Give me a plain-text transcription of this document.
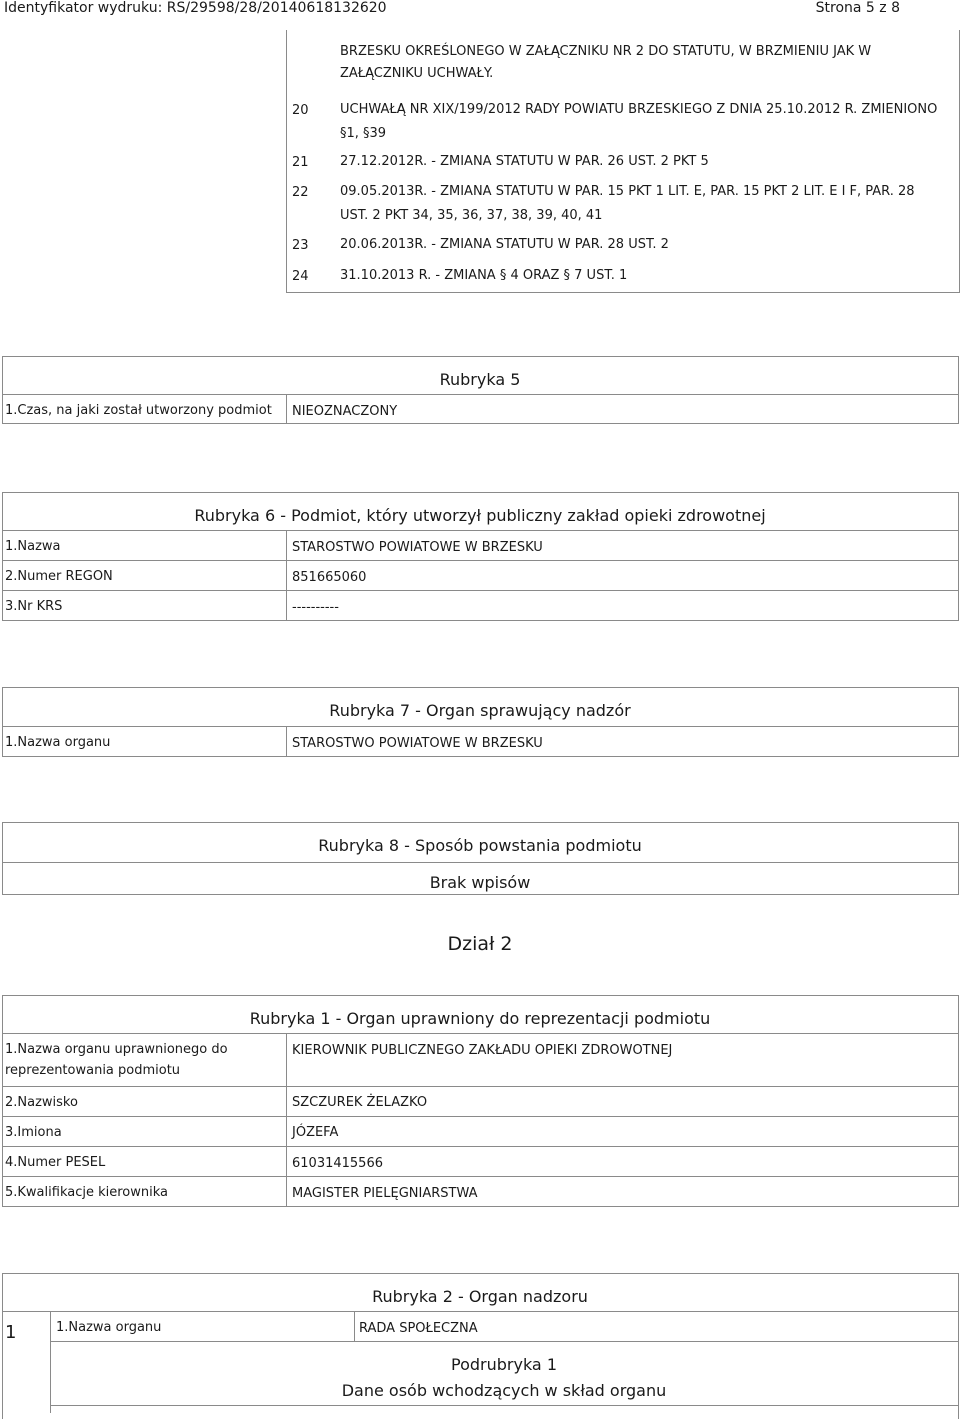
Identyfikator wydruku: RS/29598/28/20140618132620	Strona 5 z 8
BRZESKU OKREŚLONEGO W ZAŁĄCZNIKU NR 2 DO STATUTU, W BRZMIENIU JAK W
ZAŁĄCZNIKU UCHWAŁY.
20 UCHWAŁĄ NR XIX/199/2012 RADY POWIATU BRZESKIEGO Z DNIA 25.10.2012 R. ZMIENIONO
§1, §39
21 27.12.2012R. - ZMIANA STATUTU W PAR. 26 UST. 2 PKT 5
22 09.05.2013R. - ZMIANA STATUTU W PAR. 15 PKT 1 LIT. E, PAR. 15 PKT 2 LIT. E I F, PAR. 28
UST. 2 PKT 34, 35, 36, 37, 38, 39, 40, 41
23 20.06.2013R. - ZMIANA STATUTU W PAR. 28 UST. 2
24 31.10.2013 R. - ZMIANA § 4 ORAZ § 7 UST. 1
Rubryka 5
1.Czas, na jaki został utworzony podmiot NIEOZNACZONY
Rubryka 6 - Podmiot, który utworzył publiczny zakład opieki zdrowotnej
1.Nazwa	STAROSTWO POWIATOWE W BRZESKU
2.Numer REGON	851665060
3.Nr KRS	----------
Rubryka 7 - Organ sprawujący nadzór
1.Nazwa organu	STAROSTWO POWIATOWE W BRZESKU
Rubryka 8 - Sposób powstania podmiotu
Brak wpisów
Dział 2
Rubryka 1 - Organ uprawniony do reprezentacji podmiotu
1.Nazwa organu uprawnionego do
reprezentowania podmiotu
KIEROWNIK PUBLICZNEGO ZAKŁADU OPIEKI ZDROWOTNEJ
2.Nazwisko	SZCZUREK ŻELAZKO
3.Imiona	JÓZEFA
4.Numer PESEL	61031415566
5.Kwalifikacje kierownika	MAGISTER PIELĘGNIARSTWA
Rubryka 2 - Organ nadzoru
1	1.Nazwa organu	RADA SPOŁECZNA
Podrubryka 1
Dane osób wchodzących w skład organu
